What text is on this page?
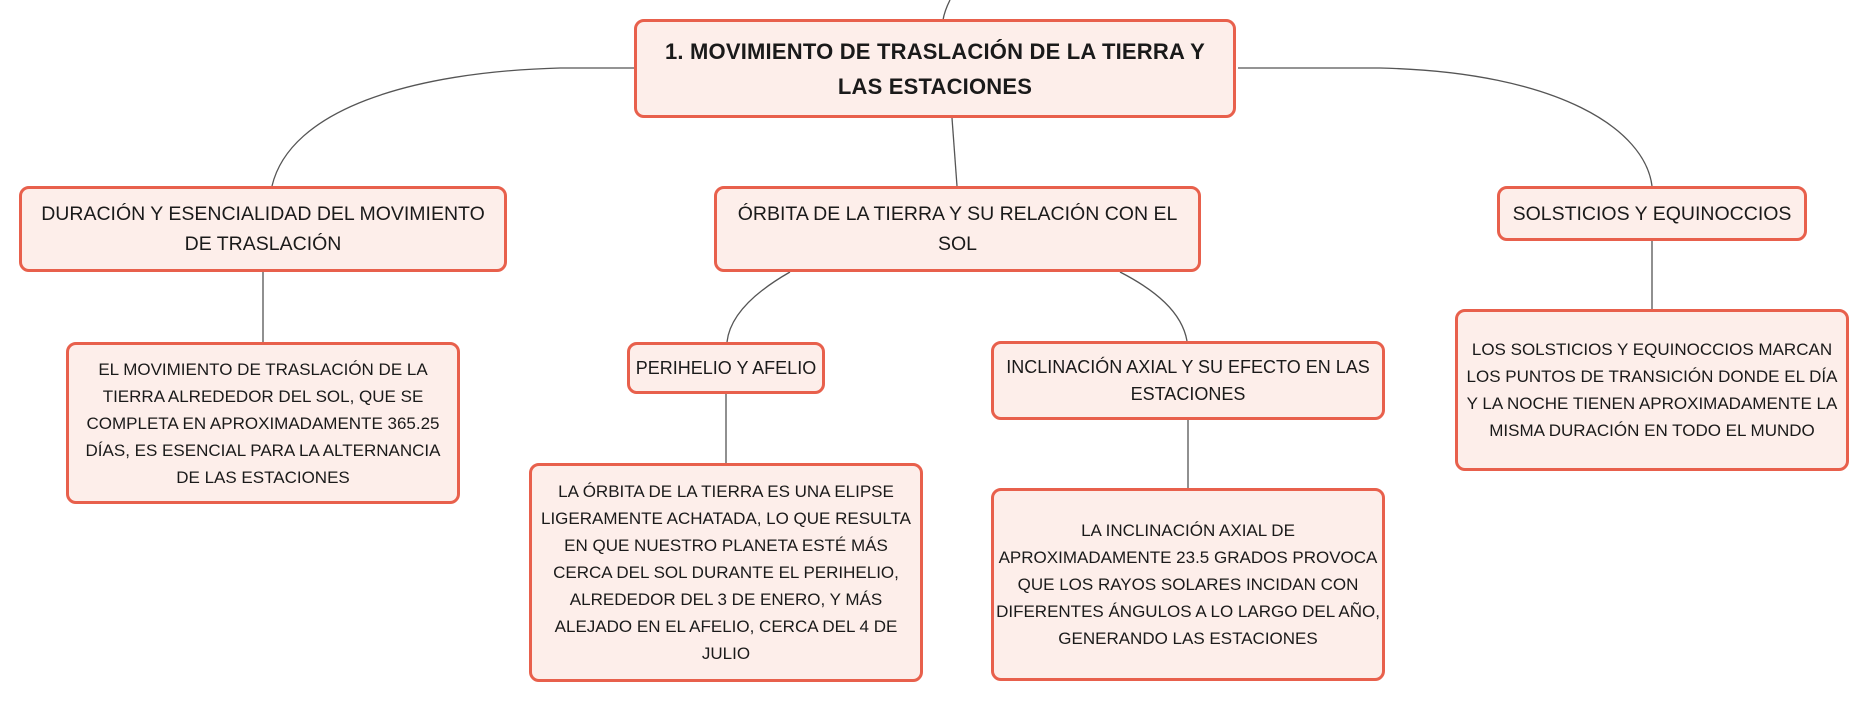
1. MOVIMIENTO DE TRASLACIÓN DE LA TIERRA Y LAS ESTACIONES
DURACIÓN Y ESENCIALIDAD DEL MOVIMIENTO DE TRASLACIÓN
ÓRBITA DE LA TIERRA Y SU RELACIÓN CON EL SOL
SOLSTICIOS Y EQUINOCCIOS
EL MOVIMIENTO DE TRASLACIÓN DE LA TIERRA ALREDEDOR DEL SOL, QUE SE COMPLETA EN APROXIMADAMENTE 365.25 DÍAS, ES ESENCIAL PARA LA ALTERNANCIA DE LAS ESTACIONES
PERIHELIO Y AFELIO	INCLINACIÓN AXIAL Y SU EFECTO EN LAS ESTACIONES
LA ÓRBITA DE LA TIERRA ES UNA ELIPSE LIGERAMENTE ACHATADA, LO QUE RESULTA EN QUE NUESTRO PLANETA ESTÉ MÁS CERCA DEL SOL DURANTE EL PERIHELIO, ALREDEDOR DEL 3 DE ENERO, Y MÁS ALEJADO EN EL AFELIO, CERCA DEL 4 DE JULIO
LA INCLINACIÓN AXIAL DE APROXIMADAMENTE 23.5 GRADOS PROVOCA QUE LOS RAYOS SOLARES INCIDAN CON DIFERENTES ÁNGULOS A LO LARGO DEL AÑO, GENERANDO LAS ESTACIONES
LOS SOLSTICIOS Y EQUINOCCIOS MARCAN LOS PUNTOS DE TRANSICIÓN DONDE EL DÍA Y LA NOCHE TIENEN APROXIMADAMENTE LA MISMA DURACIÓN EN TODO EL MUNDO
